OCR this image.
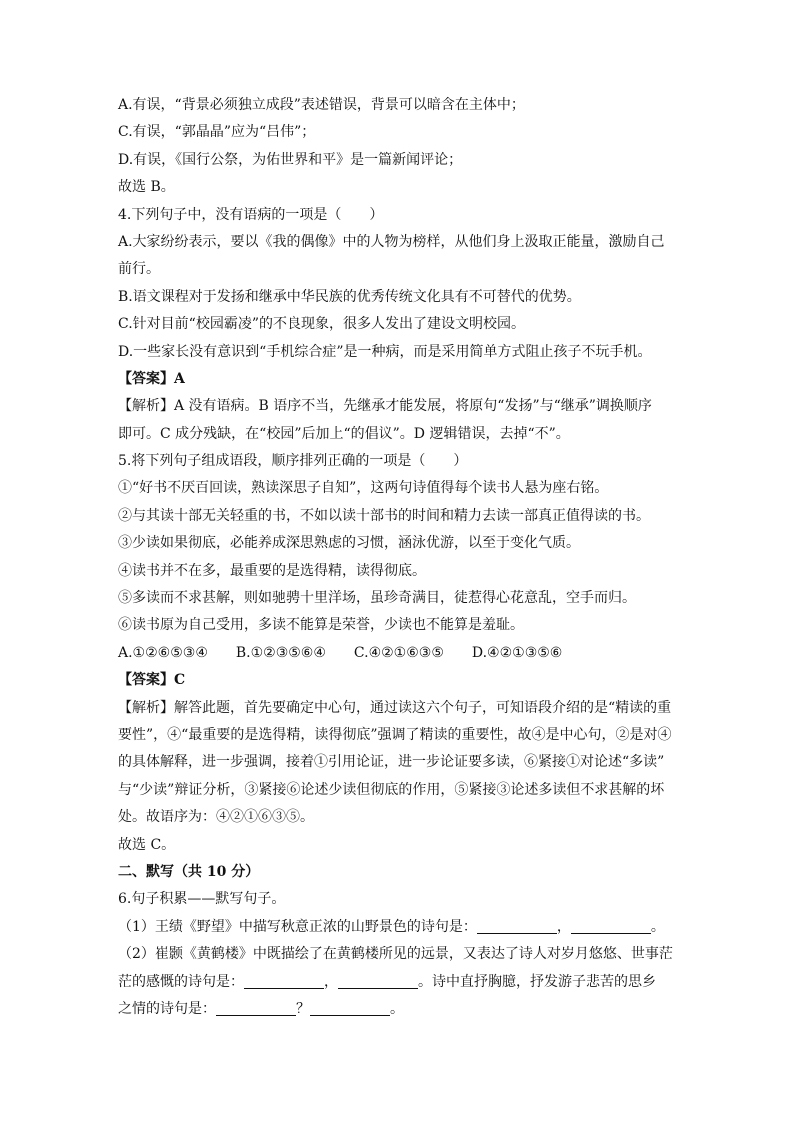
A.有误，“背景必须独立成段”表述错误，背景可以暗含在主体中；
C.有误，“郭晶晶”应为“吕伟”；
D.有误，《国行公祭，为佑世界和平》是一篇新闻评论；
故选 B。
4.下列句子中，没有语病的一项是（　　）
A.大家纷纷表示，要以《我的偶像》中的人物为榜样，从他们身上汲取正能量，激励自己
前行。
B.语文课程对于发扬和继承中华民族的优秀传统文化具有不可替代的优势。
C.针对目前“校园霸凌”的不良现象，很多人发出了建设文明校园。
D.一些家长没有意识到“手机综合症”是一种病，而是采用简单方式阻止孩子不玩手机。
【答案】A
【解析】A 没有语病。B 语序不当，先继承才能发展，将原句“发扬”与“继承”调换顺序
即可。C 成分残缺，在“校园”后加上“的倡议”。D 逻辑错误，去掉“不”。
5.将下列句子组成语段，顺序排列正确的一项是（　　）
①“好书不厌百回读，熟读深思子自知”，这两句诗值得每个读书人悬为座右铭。
②与其读十部无关轻重的书，不如以读十部书的时间和精力去读一部真正值得读的书。
③少读如果彻底，必能养成深思熟虑的习惯，涵泳优游，以至于变化气质。
④读书并不在多，最重要的是选得精，读得彻底。
⑤多读而不求甚解，则如驰骋十里洋场，虽珍奇满目，徒惹得心花意乱，空手而归。
⑥读书原为自己受用，多读不能算是荣誉，少读也不能算是羞耻。
A.①②⑥⑤③④　　B.①②③⑤⑥④　　C.④②①⑥③⑤　　D.④②①③⑤⑥
【答案】C
【解析】解答此题，首先要确定中心句，通过读这六个句子，可知语段介绍的是“精读的重
要性”，④“最重要的是选得精，读得彻底”强调了精读的重要性，故④是中心句，②是对④
的具体解释，进一步强调，接着①引用论证，进一步论证要多读，⑥紧接①对论述“多读”
与“少读”辩证分析，③紧接⑥论述少读但彻底的作用，⑤紧接③论述多读但不求甚解的坏
处。故语序为：④②①⑥③⑤。
故选 C。
二、默写（共 10 分）
6.句子积累——默写句子。
（1）王绩《野望》中描写秋意正浓的山野景色的诗句是：	，	。
（2）崔颢《黄鹤楼》中既描绘了在黄鹤楼所见的远景，又表达了诗人对岁月悠悠、世事茫
茫的感慨的诗句是：	，	。诗中直抒胸臆，抒发游子悲苦的思乡
之情的诗句是：	？	。
